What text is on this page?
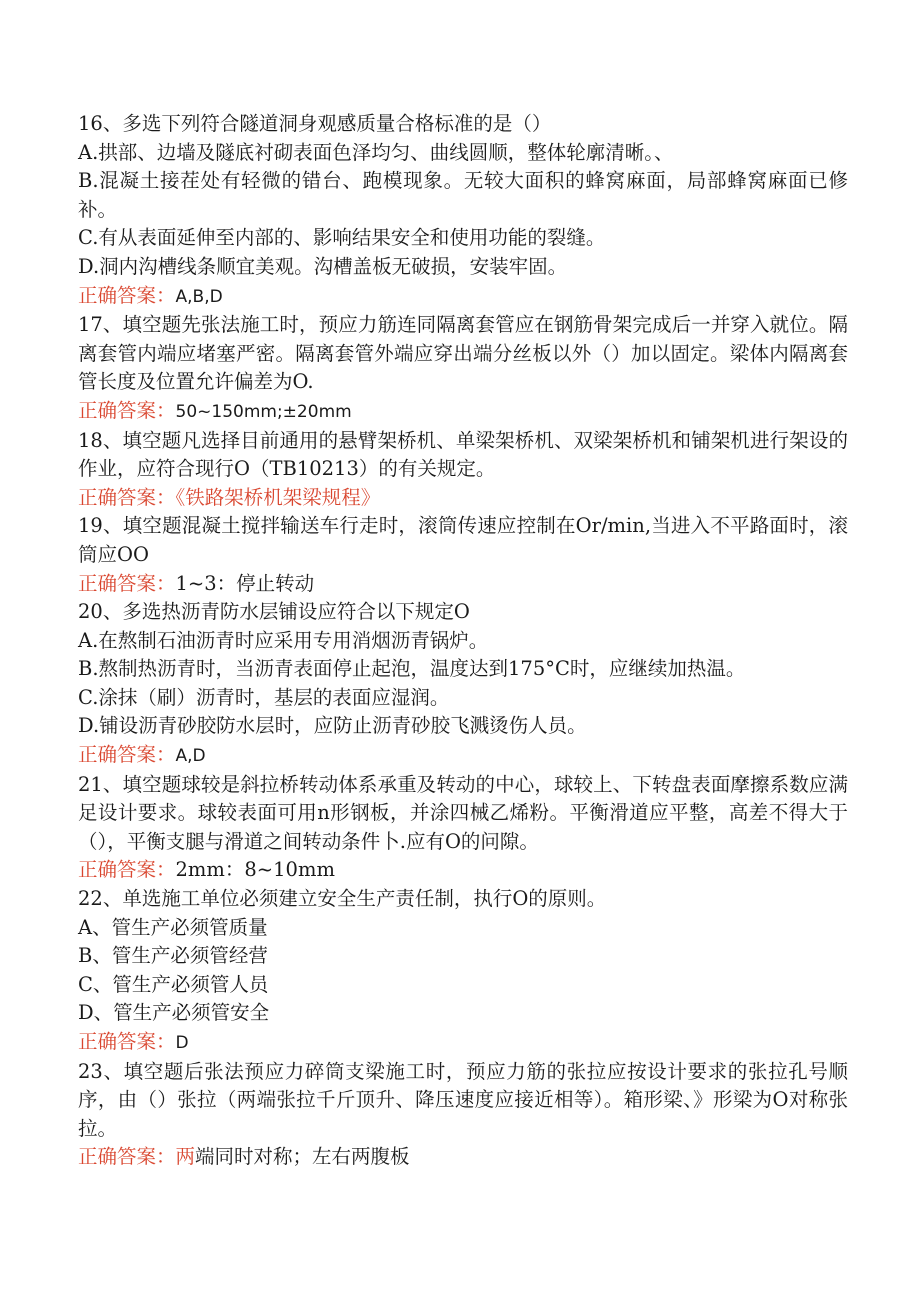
16、多选下列符合隧道洞身观感质量合格标准的是（）

A.拱部、边墙及隧底衬砌表面色泽均匀、曲线圆顺，整体轮廓清晰。、

B.混凝土接茬处有轻微的错台、跑模现象。无较大面积的蜂窝麻面，局部蜂窝麻面已修补。

C.有从表面延伸至内部的、影响结果安全和使用功能的裂缝。

D.洞内沟槽线条顺宜美观。沟槽盖板无破损，安装牢固。

正确答案：A,B,D

17、填空题先张法施工时，预应力筋连同隔离套管应在钢筋骨架完成后一并穿入就位。隔离套管内端应堵塞严密。隔离套管外端应穿出端分丝板以外（）加以固定。梁体内隔离套管长度及位置允许偏差为O.

正确答案：50~150mm;±20mm

18、填空题凡选择目前通用的悬臂架桥机、单梁架桥机、双梁架桥机和铺架机进行架设的作业，应符合现行O（TB10213）的有关规定。

正确答案：《铁路架桥机架梁规程》

19、填空题混凝土搅拌输送车行走时，滚筒传速应控制在Or/min,当进入不平路面时，滚筒应OO

正确答案：1~3：停止转动

20、多选热沥青防水层铺设应符合以下规定O

A.在熬制石油沥青时应采用专用消烟沥青锅炉。

B.熬制热沥青时，当沥青表面停止起泡，温度达到175°C时，应继续加热温。

C.涂抹（刷）沥青时，基层的表面应湿润。

D.铺设沥青砂胶防水层时，应防止沥青砂胶飞溅烫伤人员。

正确答案：A,D

21、填空题球较是斜拉桥转动体系承重及转动的中心，球较上、下转盘表面摩擦系数应满足设计要求。球较表面可用n形钢板，并涂四械乙烯粉。平衡滑道应平整，高差不得大于（），平衡支腿与滑道之间转动条件卜.应有O的问隙。

正确答案：2mm：8~10mm

22、单选施工单位必须建立安全生产责任制，执行O的原则。

A、管生产必须管质量

B、管生产必须管经营

C、管生产必须管人员

D、管生产必须管安全

正确答案：D

23、填空题后张法预应力碎筒支梁施工时，预应力筋的张拉应按设计要求的张拉孔号顺序，由（）张拉（两端张拉千斤顶升、降压速度应接近相等）。箱形梁、》形梁为O对称张拉。

正确答案：两端同时对称；左右两腹板
